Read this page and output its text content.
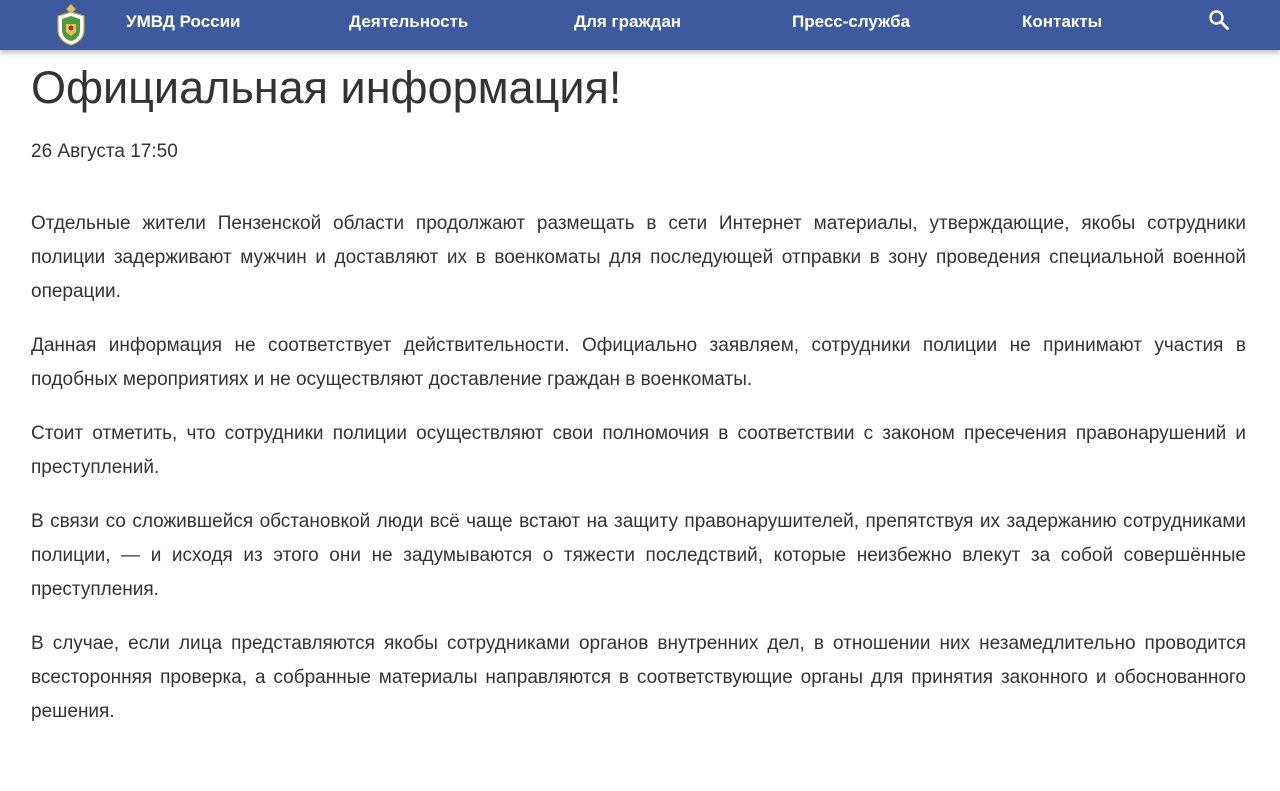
УМВД России	Деятельность	Для граждан	Пресс-служба	Контакты
Официальная информация!
26 Августа 17:50

Отдельные жители Пензенской области продолжают размещать в сети Интернет материалы, утверждающие, якобы сотрудники полиции задерживают мужчин и доставляют их в военкоматы для последующей отправки в зону проведения специальной военной операции.

Данная информация не соответствует действительности. Официально заявляем, сотрудники полиции не принимают участия в подобных мероприятиях и не осуществляют доставление граждан в военкоматы.

Стоит отметить, что сотрудники полиции осуществляют свои полномочия в соответствии с законом пресечения правонарушений и преступлений.

В связи со сложившейся обстановкой люди всё чаще встают на защиту правонарушителей, препятствуя их задержанию сотрудниками полиции, — и исходя из этого они не задумываются о тяжести последствий, которые неизбежно влекут за собой совершённые преступления.

В случае, если лица представляются якобы сотрудниками органов внутренних дел, в отношении них незамедлительно проводится всесторонняя проверка, а собранные материалы направляются в соответствующие органы для принятия законного и обоснованного решения.
